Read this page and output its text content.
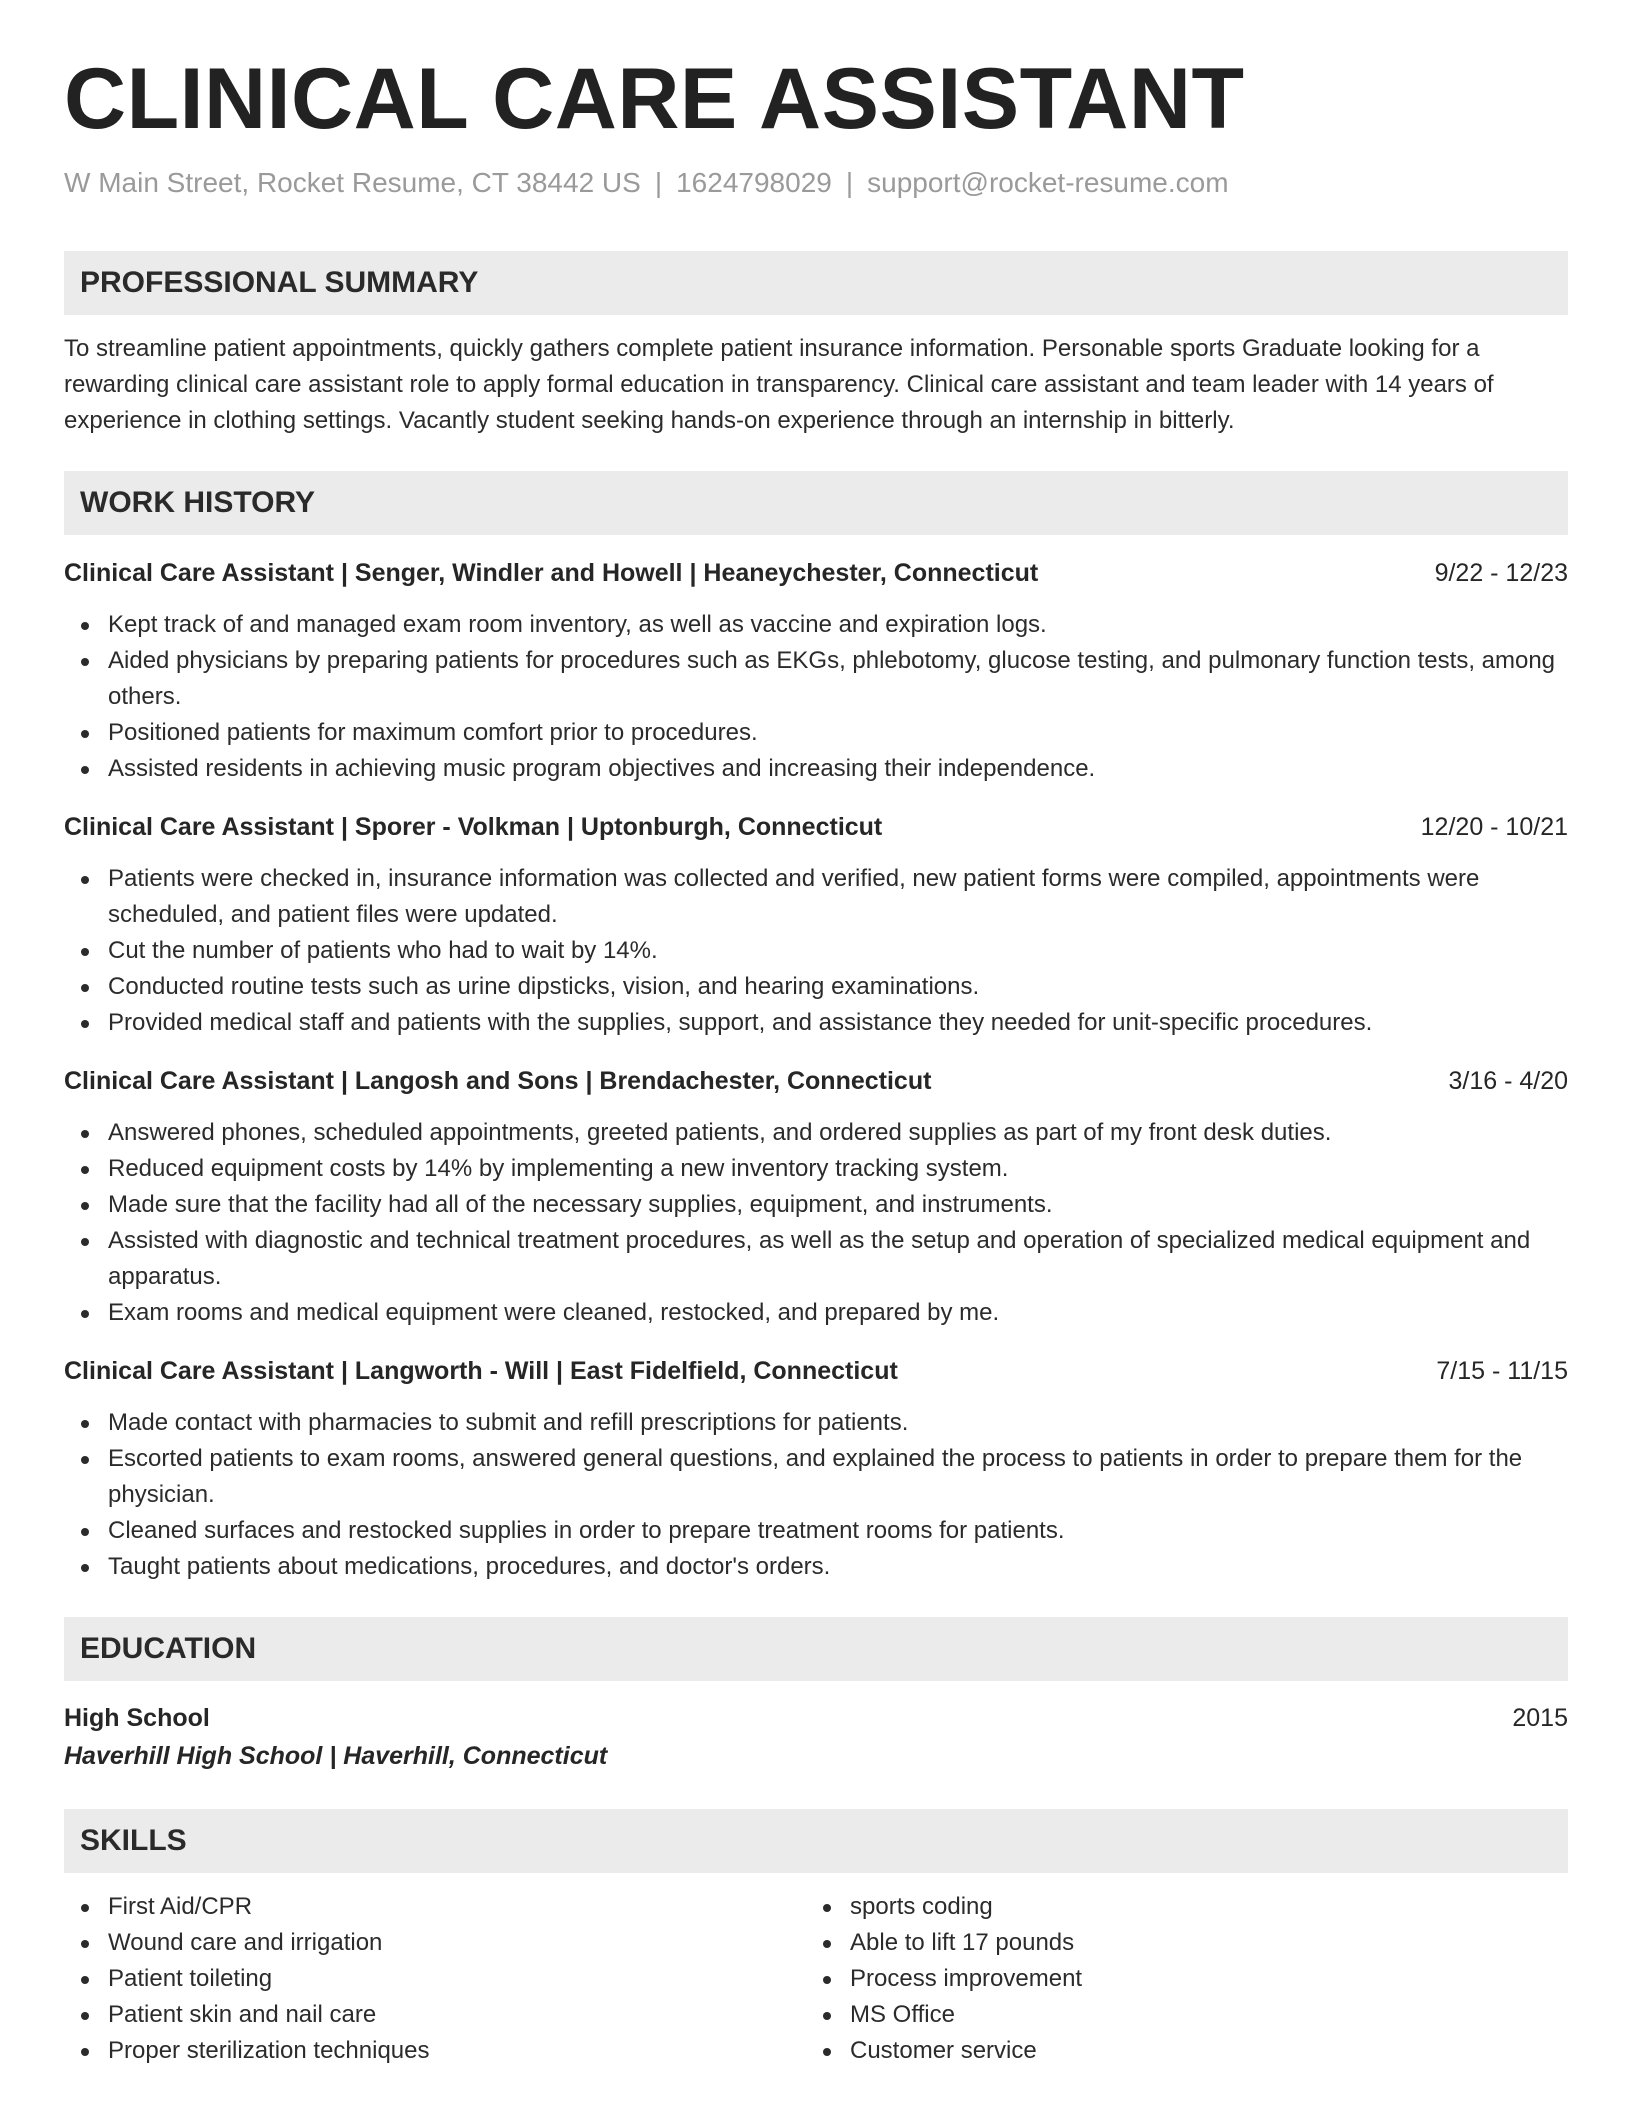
CLINICAL CARE ASSISTANT
W Main Street, Rocket Resume, CT 38442 US | 1624798029 | support@rocket-resume.com
PROFESSIONAL SUMMARY

To streamline patient appointments, quickly gathers complete patient insurance information. Personable sports Graduate looking for a rewarding clinical care assistant role to apply formal education in transparency. Clinical care assistant and team leader with 14 years of experience in clothing settings. Vacantly student seeking hands-on experience through an internship in bitterly.

WORK HISTORY
Clinical Care Assistant | Senger, Windler and Howell | Heaneychester, Connecticut	9/22 - 12/23
Kept track of and managed exam room inventory, as well as vaccine and expiration logs.
Aided physicians by preparing patients for procedures such as EKGs, phlebotomy, glucose testing, and pulmonary function tests, among others.
Positioned patients for maximum comfort prior to procedures.
Assisted residents in achieving music program objectives and increasing their independence.
Clinical Care Assistant | Sporer - Volkman | Uptonburgh, Connecticut	12/20 - 10/21
Patients were checked in, insurance information was collected and verified, new patient forms were compiled, appointments were scheduled, and patient files were updated.
Cut the number of patients who had to wait by 14%.
Conducted routine tests such as urine dipsticks, vision, and hearing examinations.
Provided medical staff and patients with the supplies, support, and assistance they needed for unit-specific procedures.
Clinical Care Assistant | Langosh and Sons | Brendachester, Connecticut	3/16 - 4/20
Answered phones, scheduled appointments, greeted patients, and ordered supplies as part of my front desk duties.
Reduced equipment costs by 14% by implementing a new inventory tracking system.
Made sure that the facility had all of the necessary supplies, equipment, and instruments.
Assisted with diagnostic and technical treatment procedures, as well as the setup and operation of specialized medical equipment and apparatus.
Exam rooms and medical equipment were cleaned, restocked, and prepared by me.
Clinical Care Assistant | Langworth - Will | East Fidelfield, Connecticut	7/15 - 11/15
Made contact with pharmacies to submit and refill prescriptions for patients.
Escorted patients to exam rooms, answered general questions, and explained the process to patients in order to prepare them for the physician.
Cleaned surfaces and restocked supplies in order to prepare treatment rooms for patients.
Taught patients about medications, procedures, and doctor's orders.
EDUCATION
High School	2015
Haverhill High School | Haverhill, Connecticut
SKILLS
First Aid/CPR
Wound care and irrigation
Patient toileting
Patient skin and nail care
Proper sterilization techniques
sports coding
Able to lift 17 pounds
Process improvement
MS Office
Customer service
